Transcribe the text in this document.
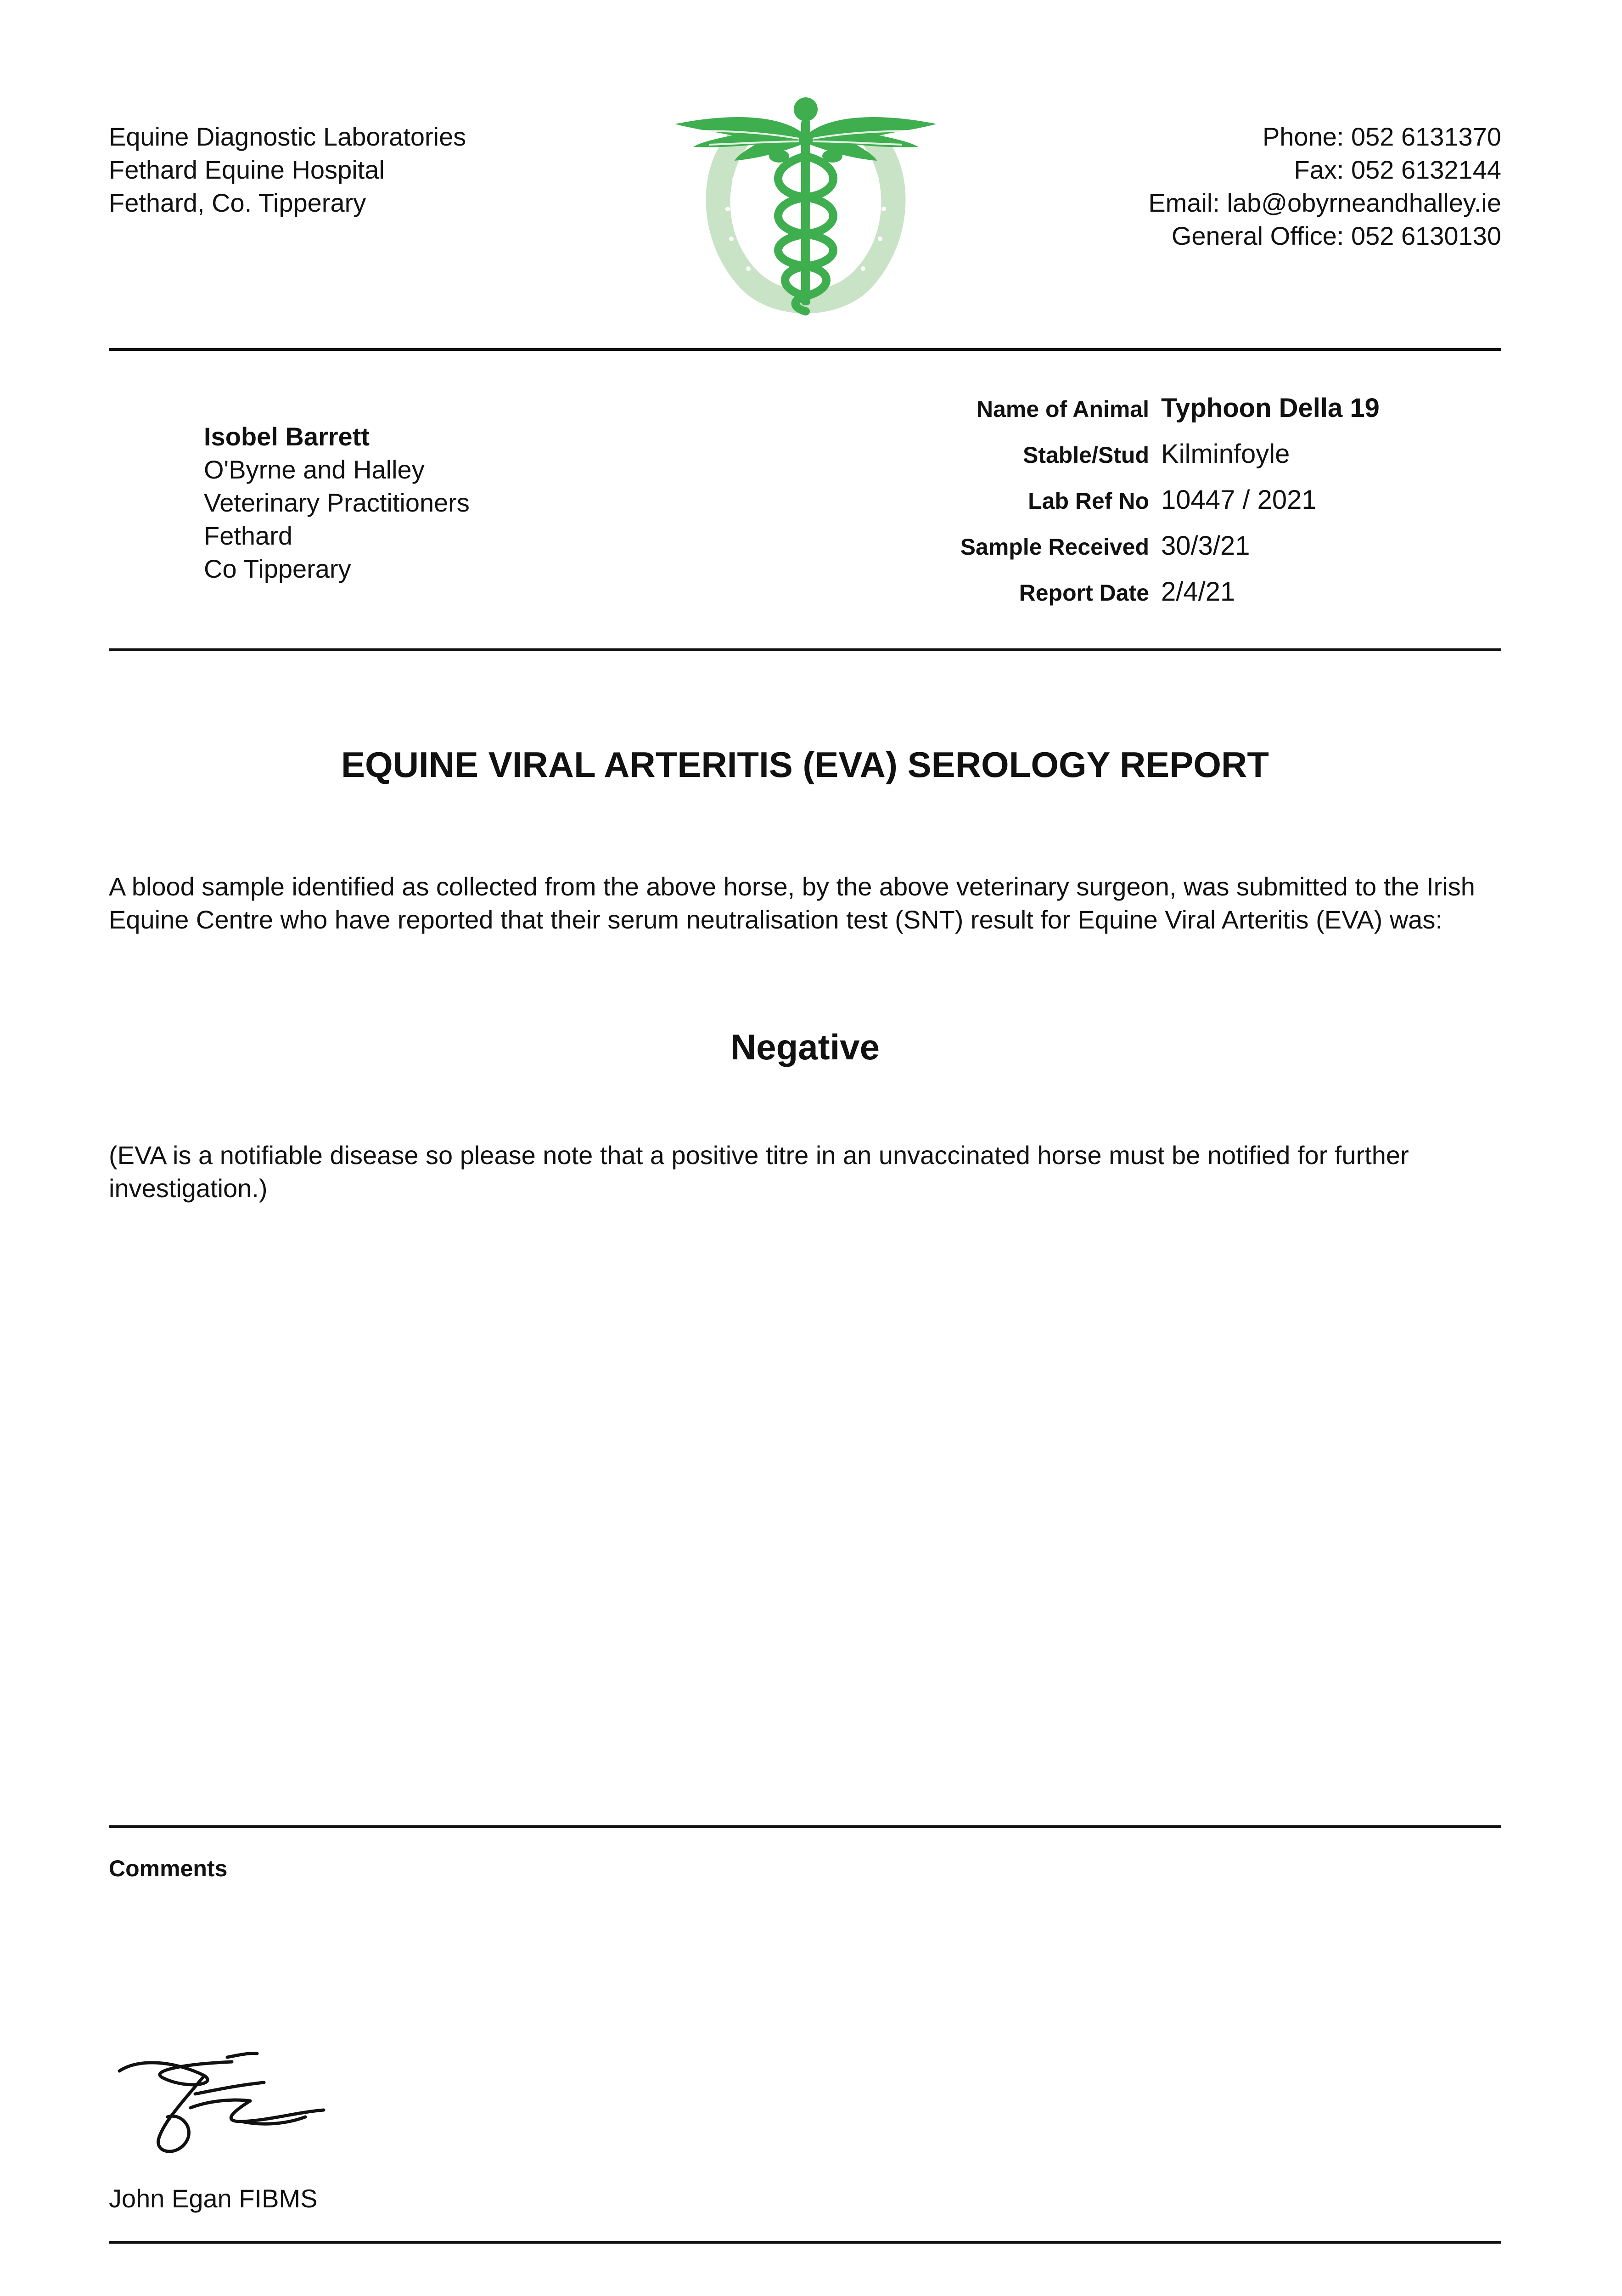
Equine Diagnostic Laboratories
Fethard Equine Hospital
Fethard, Co. Tipperary
Phone: 052 6131370
Fax: 052 6132144
Email: lab@obyrneandhalley.ie
General Office: 052 6130130
Isobel Barrett
O'Byrne and Halley
Veterinary Practitioners
Fethard
Co Tipperary
Name of Animal Typhoon Della 19
Stable/Stud Kilminfoyle
Lab Ref No 10447 / 2021
Sample Received 30/3/21
Report Date 2/4/21
EQUINE VIRAL ARTERITIS (EVA) SEROLOGY REPORT
A blood sample identified as collected from the above horse, by the above veterinary surgeon, was submitted to the Irish Equine Centre who have reported that their serum neutralisation test (SNT) result for Equine Viral Arteritis (EVA) was:
Negative
(EVA is a notifiable disease so please note that a positive titre in an unvaccinated horse must be notified for further investigation.)
Comments
John Egan FIBMS
